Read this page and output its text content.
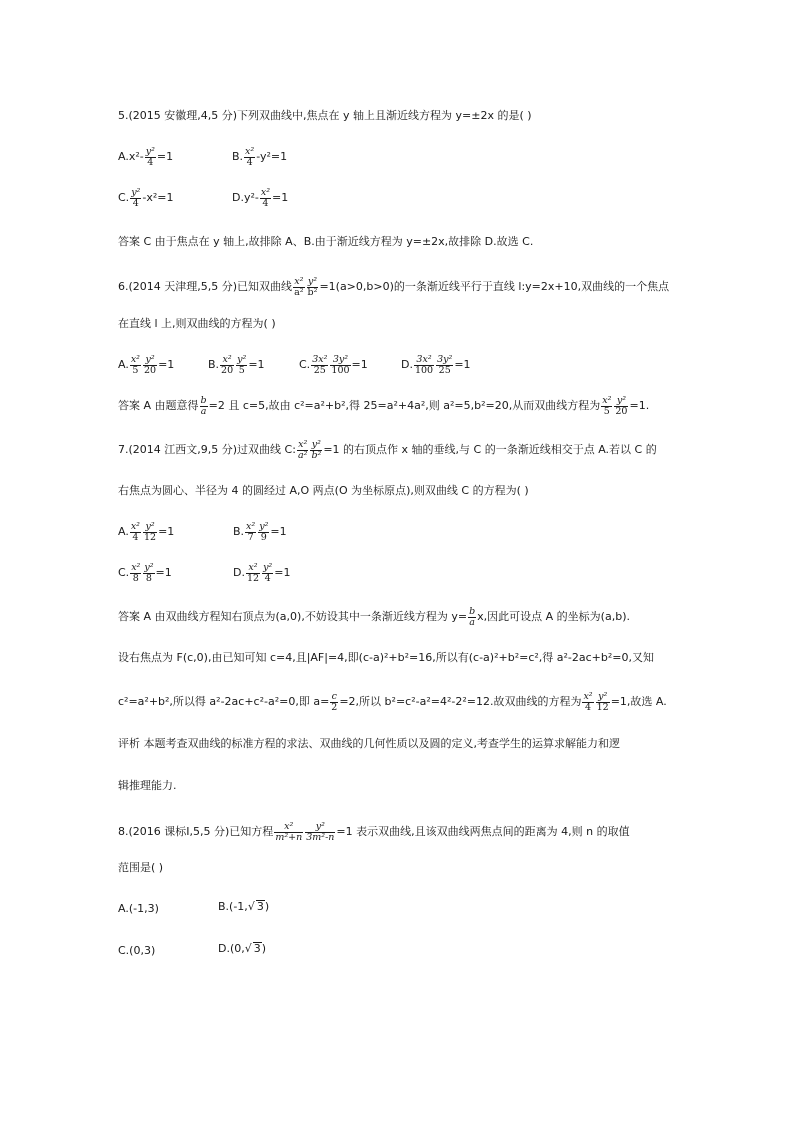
5.(2015 安徽理,4,5 分)下列双曲线中,焦点在 y 轴上且渐近线方程为 y=±2x 的是( )
$A.x^2- \frac{\text{y²}}{4} =1$	B. $\frac{\text{x²}}{4} -y^2=1$
C. $\frac{\text{y²}}{4} -x^2=1$	$D.y^2- \frac{\text{x²}}{4} =1$
答案 C 由于焦点在 y 轴上,故排除 A、B.由于渐近线方程为 y=±2x,故排除 D.故选 C.
6.(2014 天津理,5,5 分)已知双曲线 $\frac{\text{x²}}{\text{a²}} \frac{\text{y²}}{\text{b²}} =1(a>0,b>0)$的一条渐近线平行于直线 l:y=2x+10,双曲线的一个焦点
在直线 l 上,则双曲线的方程为( )
A. $\frac{\text{x²}}{5} \frac{\text{y²}}{20} =1$	B. $\frac{\text{x²}}{20} \frac{\text{y²}}{5} =1$	C. $\frac{\text{3x²}}{25} \frac{\text{3y²}}{100} =1$	D. $\frac{\text{3x²}}{100} \frac{\text{3y²}}{25} =1$
答案 A 由题意得 $\frac{b}{a} =2$ 且 c=5,故由 c²=a²+b²,得 25=a²+4a²,则 a²=5,b²=20,从而双曲线方程为 $\frac{\text{x²}}{5} \frac{\text{y²}}{20} =1$.
7.(2014 江西文,9,5 分)过双曲线 C: $\frac{\text{x²}}{\text{a²}} \frac{\text{y²}}{\text{b²}} =1$ 的右顶点作 x 轴的垂线,与 C 的一条渐近线相交于点 A.若以 C 的
右焦点为圆心、半径为 4 的圆经过 A,O 两点(O 为坐标原点),则双曲线 C 的方程为( )
A. $\frac{\text{x²}}{4} \frac{\text{y²}}{12} =1$	B. $\frac{\text{x²}}{7} \frac{\text{y²}}{9} =1$
C. $\frac{\text{x²}}{8} \frac{\text{y²}}{8} =1$	D. $\frac{\text{x²}}{12} \frac{\text{y²}}{4} =1$
答案 A 由双曲线方程知右顶点为(a,0),不妨设其中一条渐近线方程为 $y= \frac{b}{a} x$,因此可设点 A 的坐标为(a,b).
设右焦点为 F(c,0),由已知可知 c=4,且|AF|=4,即(c-a)²+b²=16,所以有(c-a)²+b²=c²,得 a²-2ac+b²=0,又知
c²=a²+b²,所以得 a²-2ac+c²-a²=0,即 $a= \frac{c}{2} =2$,所以 b²=c²-a²=4²-2²=12.故双曲线的方程为 $\frac{\text{x²}}{4} \frac{\text{y²}}{12} =1$,故选 A.
评析 本题考查双曲线的标准方程的求法、双曲线的几何性质以及圆的定义,考查学生的运算求解能力和逻
辑推理能力.
8.(2016 课标Ⅰ,5,5 分)已知方程 $\frac{\text{x²}}{\text{m²+n}} \frac{\text{y²}}{\text{3m²-n}} =1$ 表示双曲线,且该双曲线两焦点间的距离为 4,则 n 的取值
范围是( )
A.(-1,3)	B.(-1,√ 3)
C.(0,3)	D.(0,√ 3)
